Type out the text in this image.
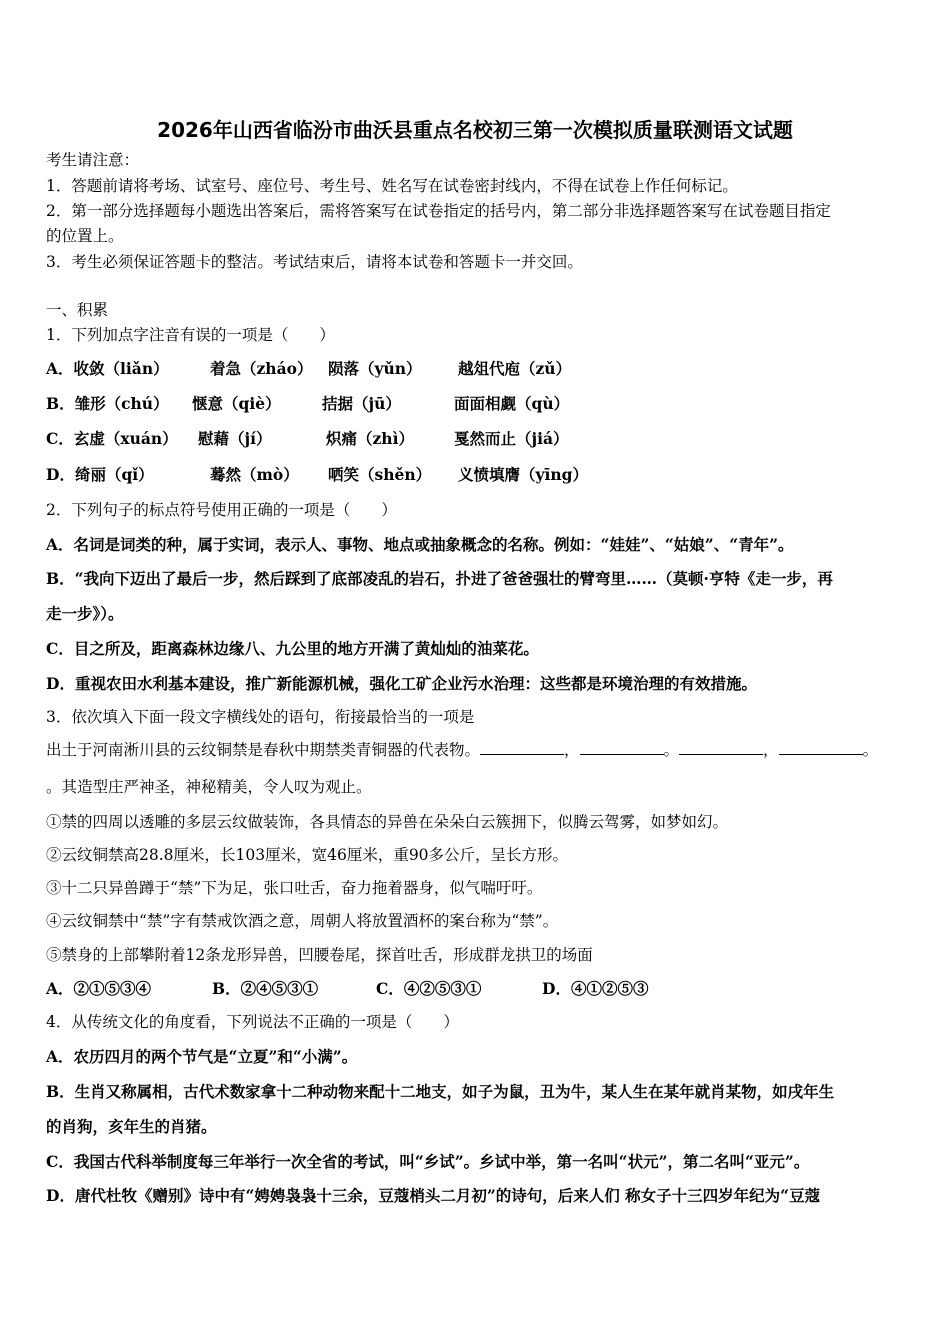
2026年山西省临汾市曲沃县重点名校初三第一次模拟质量联测语文试题
考生请注意：
1．答题前请将考场、试室号、座位号、考生号、姓名写在试卷密封线内，不得在试卷上作任何标记。
2．第一部分选择题每小题选出答案后，需将答案写在试卷指定的括号内，第二部分非选择题答案写在试卷题目指定
的位置上。
3．考生必须保证答题卡的整洁。考试结束后，请将本试卷和答题卡一并交回。
一、积累
1．下列加点字注音有误的一项是（　　）
A．收敛（liǎn）	着急（zháo） 陨落（yǔn） 越俎代庖（zǔ）
B．雏形（chú） 惬意（qiè）	拮据（jū）	面面相觑（qù）
C．玄虚（xuán） 慰藉（jí）	炽痛（zhì）	戛然而止（jiá）
D．绮丽（qǐ）	蓦然（mò） 哂笑（shěn） 义愤填膺（yīng）
2．下列句子的标点符号使用正确的一项是（　　）
A．名词是词类的种，属于实词，表示人、事物、地点或抽象概念的名称。例如：“娃娃”、“姑娘”、“青年”。
B．“我向下迈出了最后一步，然后踩到了底部凌乱的岩石，扑进了爸爸强壮的臂弯里……（莫顿·亨特《走一步，再
走一步》）。
C．目之所及，距离森林边缘八、九公里的地方开满了黄灿灿的油菜花。
D．重视农田水利基本建设，推广新能源机械，强化工矿企业污水治理：这些都是环境治理的有效措施。
3．依次填入下面一段文字横线处的语句，衔接最恰当的一项是
出土于河南淅川县的云纹铜禁是春秋中期禁类青铜器的代表物。	，	。	，	。
。其造型庄严神圣，神秘精美，令人叹为观止。
①禁的四周以透雕的多层云纹做装饰，各具情态的异兽在朵朵白云簇拥下，似腾云驾雾，如梦如幻。
②云纹铜禁高28.8厘米，长103厘米，宽46厘米，重90多公斤，呈长方形。
③十二只异兽蹲于“禁”下为足，张口吐舌，奋力拖着器身，似气喘吁吁。
④云纹铜禁中“禁”字有禁戒饮酒之意，周朝人将放置酒杯的案台称为“禁”。
⑤禁身的上部攀附着12条龙形异兽，凹腰卷尾，探首吐舌，形成群龙拱卫的场面
A．②①⑤③④	B．②④⑤③①	C．④②⑤③①	D．④①②⑤③
4．从传统文化的角度看，下列说法不正确的一项是（　　）
A．农历四月的两个节气是“立夏”和“小满”。
B．生肖又称属相，古代术数家拿十二种动物来配十二地支，如子为鼠，丑为牛，某人生在某年就肖某物，如戌年生
的肖狗，亥年生的肖猪。
C．我国古代科举制度每三年举行一次全省的考试，叫“乡试”。乡试中举，第一名叫“状元”，第二名叫“亚元”。
D．唐代杜牧《赠别》诗中有“娉娉袅袅十三余，豆蔻梢头二月初”的诗句，后来人们 称女子十三四岁年纪为“豆蔻
